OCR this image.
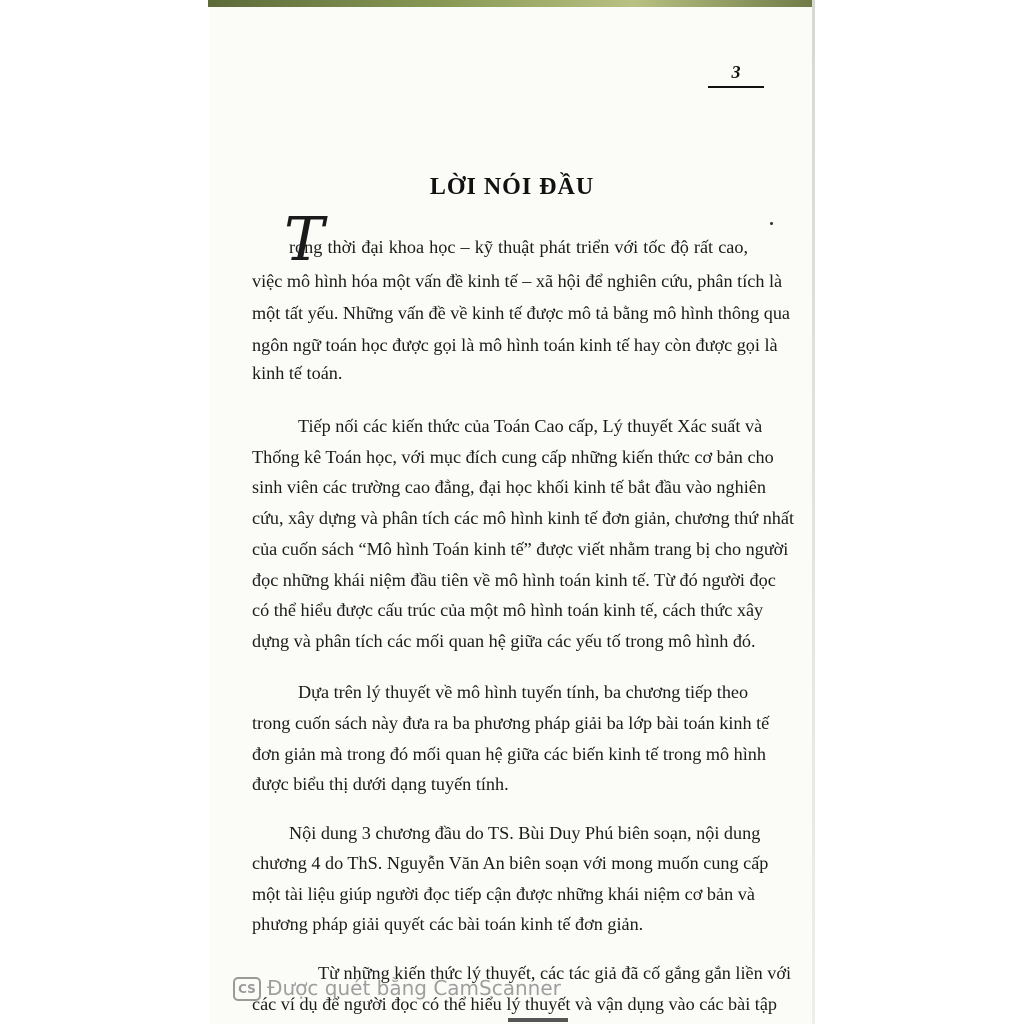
3
LỜI NÓI ĐẦU
T
rong thời đại khoa học – kỹ thuật phát triển với tốc độ rất cao,
việc mô hình hóa một vấn đề kinh tế – xã hội để nghiên cứu, phân tích là
một tất yếu. Những vấn đề về kinh tế được mô tả bằng mô hình thông qua
ngôn ngữ toán học được gọi là mô hình toán kinh tế hay còn được gọi là
kinh tế toán.
Tiếp nối các kiến thức của Toán Cao cấp, Lý thuyết Xác suất và
Thống kê Toán học, với mục đích cung cấp những kiến thức cơ bản cho
sinh viên các trường cao đẳng, đại học khối kinh tế bắt đầu vào nghiên
cứu, xây dựng và phân tích các mô hình kinh tế đơn giản, chương thứ nhất
của cuốn sách “Mô hình Toán kinh tế” được viết nhằm trang bị cho người
đọc những khái niệm đầu tiên về mô hình toán kinh tế. Từ đó người đọc
có thể hiểu được cấu trúc của một mô hình toán kinh tế, cách thức xây
dựng và phân tích các mối quan hệ giữa các yếu tố trong mô hình đó.
Dựa trên lý thuyết về mô hình tuyến tính, ba chương tiếp theo
trong cuốn sách này đưa ra ba phương pháp giải ba lớp bài toán kinh tế
đơn giản mà trong đó mối quan hệ giữa các biến kinh tế trong mô hình
được biểu thị dưới dạng tuyến tính.
Nội dung 3 chương đầu do TS. Bùi Duy Phú biên soạn, nội dung
chương 4 do ThS. Nguyễn Văn An biên soạn với mong muốn cung cấp
một tài liệu giúp người đọc tiếp cận được những khái niệm cơ bản và
phương pháp giải quyết các bài toán kinh tế đơn giản.
Từ những kiến thức lý thuyết, các tác giả đã cố gắng gắn liền với
các ví dụ để người đọc có thể hiểu lý thuyết và vận dụng vào các bài tập
CS Được quét bằng CamScanner
